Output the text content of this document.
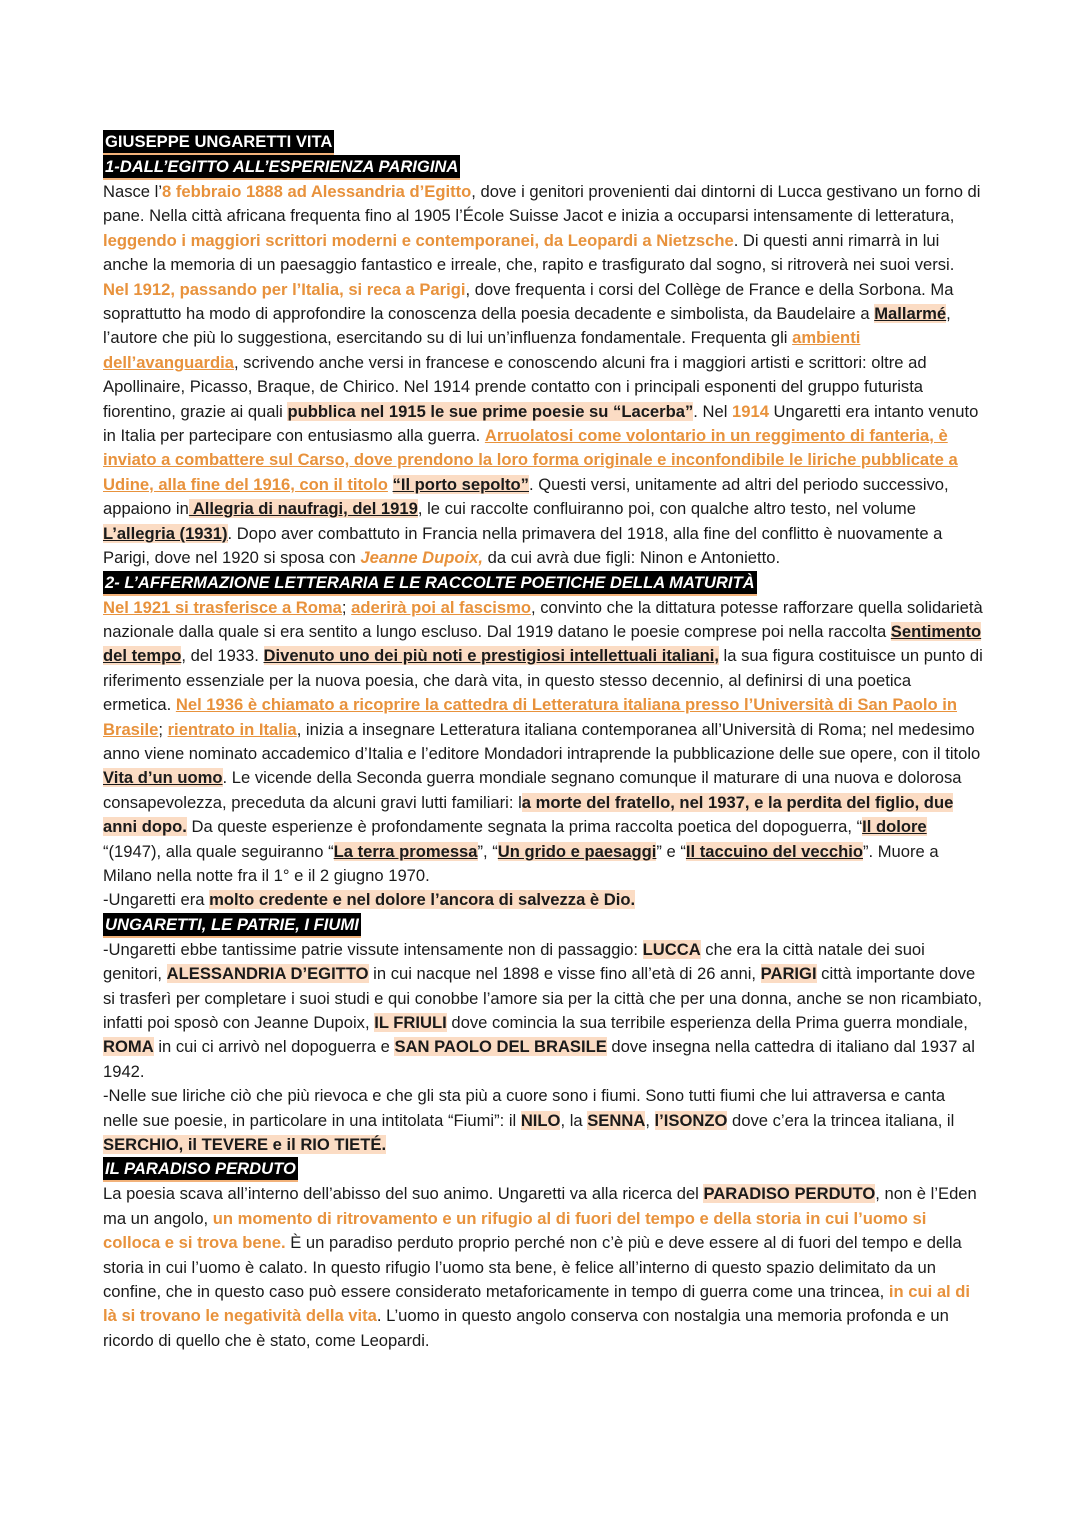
GIUSEPPE UNGARETTI VITA

1-DALL’EGITTO ALL’ESPERIENZA PARIGINA

Nasce l’8 febbraio 1888 ad Alessandria d’Egitto, dove i genitori provenienti dai dintorni di Lucca gestivano un forno di pane. Nella città africana frequenta fino al 1905 l’École Suisse Jacot e inizia a occuparsi intensamente di letteratura, leggendo i maggiori scrittori moderni e contemporanei, da Leopardi a Nietzsche. Di questi anni rimarrà in lui anche la memoria di un paesaggio fantastico e irreale, che, rapito e trasfigurato dal sogno, si ritroverà nei suoi versi. Nel 1912, passando per l’Italia, si reca a Parigi, dove frequenta i corsi del Collège de France e della Sorbona. Ma soprattutto ha modo di approfondire la conoscenza della poesia decadente e simbolista, da Baudelaire a Mallarmé, l’autore che più lo suggestiona, esercitando su di lui un’influenza fondamentale. Frequenta gli ambienti dell’avanguardia, scrivendo anche versi in francese e conoscendo alcuni fra i maggiori artisti e scrittori: oltre ad Apollinaire, Picasso, Braque, de Chirico. Nel 1914 prende contatto con i principali esponenti del gruppo futurista fiorentino, grazie ai quali pubblica nel 1915 le sue prime poesie su “Lacerba”. Nel 1914 Ungaretti era intanto venuto in Italia per partecipare con entusiasmo alla guerra. Arruolatosi come volontario in un reggimento di fanteria, è inviato a combattere sul Carso, dove prendono la loro forma originale e inconfondibile le liriche pubblicate a Udine, alla fine del 1916, con il titolo “Il porto sepolto”. Questi versi, unitamente ad altri del periodo successivo, appaiono in Allegria di naufragi, del 1919, le cui raccolte confluiranno poi, con qualche altro testo, nel volume L’allegria (1931). Dopo aver combattuto in Francia nella primavera del 1918, alla fine del conflitto è nuovamente a Parigi, dove nel 1920 si sposa con Jeanne Dupoix, da cui avrà due figli: Ninon e Antonietto.

2- L’AFFERMAZIONE LETTERARIA E LE RACCOLTE POETICHE DELLA MATURITÀ

Nel 1921 si trasferisce a Roma; aderirà poi al fascismo, convinto che la dittatura potesse rafforzare quella solidarietà nazionale dalla quale si era sentito a lungo escluso. Dal 1919 datano le poesie comprese poi nella raccolta Sentimento del tempo, del 1933. Divenuto uno dei più noti e prestigiosi intellettuali italiani, la sua figura costituisce un punto di riferimento essenziale per la nuova poesia, che darà vita, in questo stesso decennio, al definirsi di una poetica ermetica. Nel 1936 è chiamato a ricoprire la cattedra di Letteratura italiana presso l’Università di San Paolo in Brasile; rientrato in Italia, inizia a insegnare Letteratura italiana contemporanea all’Università di Roma; nel medesimo anno viene nominato accademico d’Italia e l’editore Mondadori intraprende la pubblicazione delle sue opere, con il titolo Vita d’un uomo. Le vicende della Seconda guerra mondiale segnano comunque il maturare di una nuova e dolorosa consapevolezza, preceduta da alcuni gravi lutti familiari: la morte del fratello, nel 1937, e la perdita del figlio, due anni dopo. Da queste esperienze è profondamente segnata la prima raccolta poetica del dopoguerra, “Il dolore “(1947), alla quale seguiranno “La terra promessa”, “Un grido e paesaggi” e “Il taccuino del vecchio”. Muore a Milano nella notte fra il 1° e il 2 giugno 1970.

-Ungaretti era molto credente e nel dolore l’ancora di salvezza è Dio.

UNGARETTI, LE PATRIE, I FIUMI

-Ungaretti ebbe tantissime patrie vissute intensamente non di passaggio: LUCCA che era la città natale dei suoi genitori, ALESSANDRIA D’EGITTO in cui nacque nel 1898 e visse fino all’età di 26 anni, PARIGI città importante dove si trasferì per completare i suoi studi e qui conobbe l’amore sia per la città che per una donna, anche se non ricambiato, infatti poi sposò con Jeanne Dupoix, IL FRIULI dove comincia la sua terribile esperienza della Prima guerra mondiale, ROMA in cui ci arrivò nel dopoguerra e SAN PAOLO DEL BRASILE dove insegna nella cattedra di italiano dal 1937 al 1942.

-Nelle sue liriche ciò che più rievoca e che gli sta più a cuore sono i fiumi. Sono tutti fiumi che lui attraversa e canta nelle sue poesie, in particolare in una intitolata “Fiumi”: il NILO, la SENNA, l’ISONZO dove c’era la trincea italiana, il SERCHIO, il TEVERE e il RIO TIETÉ.

IL PARADISO PERDUTO

La poesia scava all’interno dell’abisso del suo animo. Ungaretti va alla ricerca del PARADISO PERDUTO, non è l’Eden ma un angolo, un momento di ritrovamento e un rifugio al di fuori del tempo e della storia in cui l’uomo si colloca e si trova bene. È un paradiso perduto proprio perché non c’è più e deve essere al di fuori del tempo e della storia in cui l’uomo è calato. In questo rifugio l’uomo sta bene, è felice all’interno di questo spazio delimitato da un confine, che in questo caso può essere considerato metaforicamente in tempo di guerra come una trincea, in cui al di là si trovano le negatività della vita. L’uomo in questo angolo conserva con nostalgia una memoria profonda e un ricordo di quello che è stato, come Leopardi.
